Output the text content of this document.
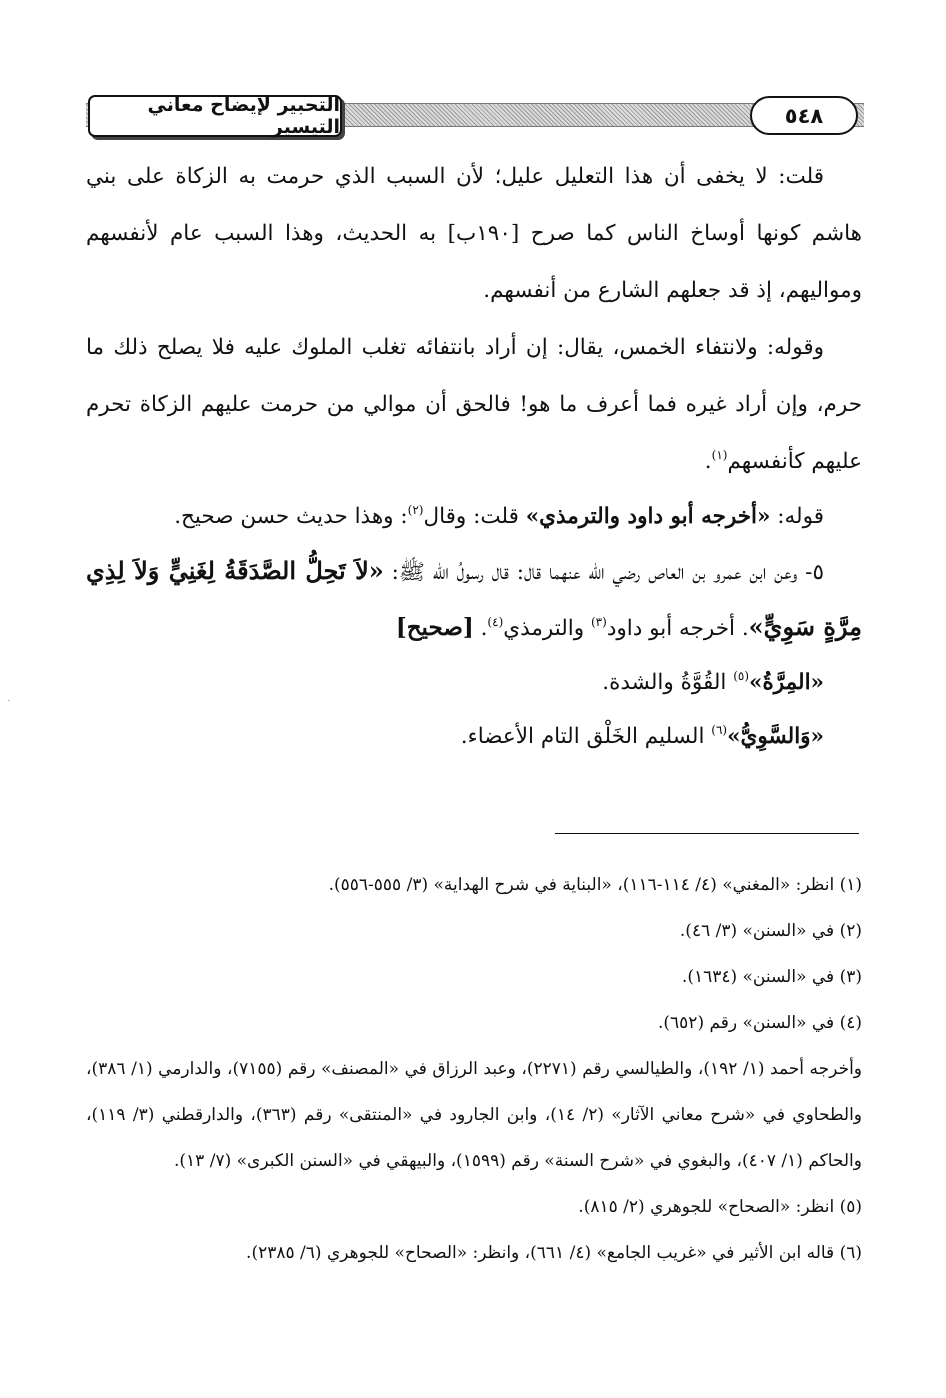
التحبير لإيضاح معاني التيسير	٥٤٨

قلت: لا يخفى أن هذا التعليل عليل؛ لأن السبب الذي حرمت به الزكاة على بني هاشم كونها أوساخ الناس كما صرح [١٩٠ب] به الحديث، وهذا السبب عام لأنفسهم ومواليهم، إذ قد جعلهم الشارع من أنفسهم.

وقوله: ولانتفاء الخمس، يقال: إن أراد بانتفائه تغلب الملوك عليه فلا يصلح ذلك ما حرم، وإن أراد غيره فما أعرف ما هو! فالحق أن موالي من حرمت عليهم الزكاة تحرم عليهم كأنفسهم$^{(١)}$.

قوله: «أخرجه أبو داود والترمذي» قلت: وقال$^{(٢)}$: وهذا حديث حسن صحيح.

٥- وعن ابن عمرو بن العاص رضي الله عنهما قال: قال رسولُ الله ﷺ: «لاَ تَحِلُّ الصَّدَقَةُ لِغَنِيٍّ وَلاَ لِذِي مِرَّةٍ سَوِيٍّ». أخرجه أبو داود$^{(٣)}$ والترمذي$^{(٤)}$. [صحيح]

«المِرَّةُ»$^{(٥)}$ القُوَّةُ والشدة.

«وَالسَّوِيُّ»$^{(٦)}$ السليم الخَلْق التام الأعضاء.

(١) انظر: «المغني» (٤/ ١١٤-١١٦)، «البناية في شرح الهداية» (٣/ ٥٥٥-٥٥٦).

(٢) في «السنن» (٣/ ٤٦).

(٣) في «السنن» (١٦٣٤).

(٤) في «السنن» رقم (٦٥٢).

وأخرجه أحمد (١/ ١٩٢)، والطيالسي رقم (٢٢٧١)، وعبد الرزاق في «المصنف» رقم (٧١٥٥)، والدارمي (١/ ٣٨٦)، والطحاوي في «شرح معاني الآثار» (٢/ ١٤)، وابن الجارود في «المنتقى» رقم (٣٦٣)، والدارقطني (٣/ ١١٩)، والحاكم (١/ ٤٠٧)، والبغوي في «شرح السنة» رقم (١٥٩٩)، والبيهقي في «السنن الكبرى» (٧/ ١٣).

(٥) انظر: «الصحاح» للجوهري (٢/ ٨١٥).

(٦) قاله ابن الأثير في «غريب الجامع» (٤/ ٦٦١)، وانظر: «الصحاح» للجوهري (٦/ ٢٣٨٥).
